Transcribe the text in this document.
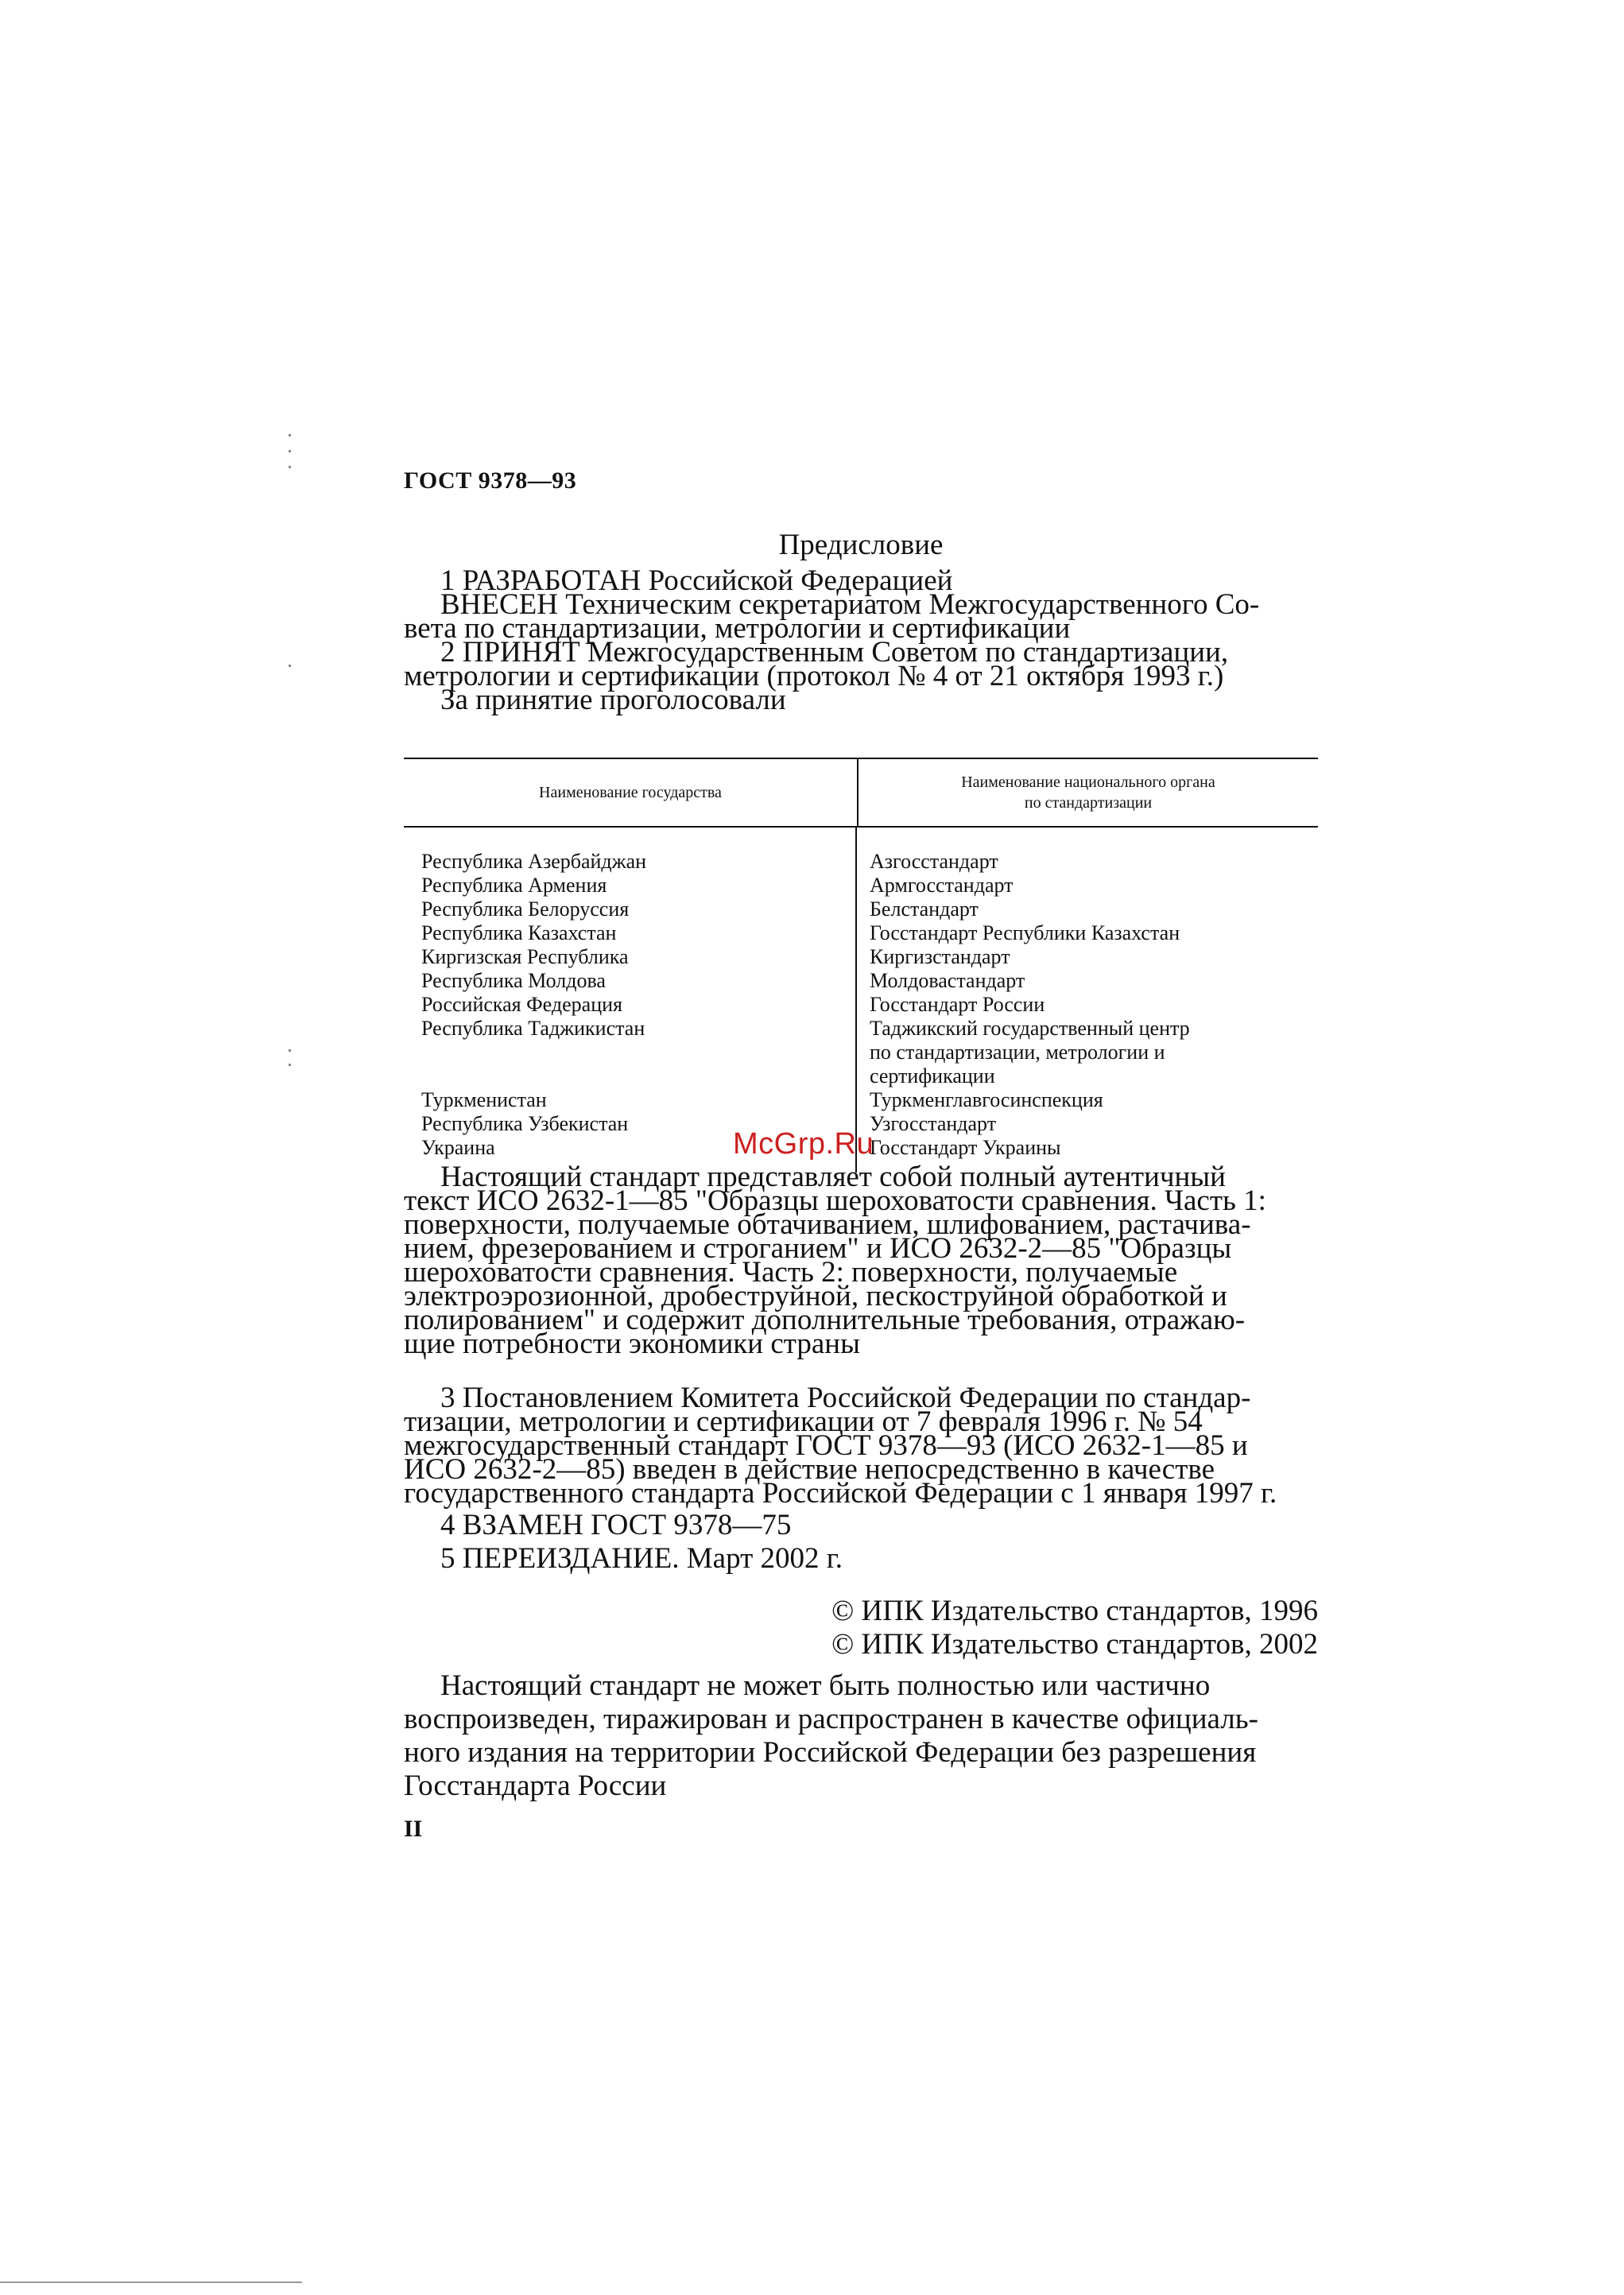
ГОСТ 9378—93
Предисловие
1 РАЗРАБОТАН Российской Федерацией
ВНЕСЕН Техническим секретариатом Межгосударственного Со-
вета по стандартизации, метрологии и сертификации
2 ПРИНЯТ Межгосударственным Советом по стандартизации,
метрологии и сертификации (протокол № 4 от 21 октября 1993 г.)
За принятие проголосовали
Наименование государства
Наименование национального органа
по стандартизации
Республика Азербайджан
Республика Армения
Республика Белоруссия
Республика Казахстан
Киргизская Республика
Республика Молдова
Российская Федерация
Республика Таджикистан
Туркменистан
Республика Узбекистан
Украина
Азгосстандарт
Армгосстандарт
Белстандарт
Госстандарт Республики Казахстан
Киргизстандарт
Молдовастандарт
Госстандарт России
Таджикский государственный центр
по стандартизации, метрологии и
сертификации
Туркменглавгосинспекция
Узгосстандарт
Госстандарт Украины
McGrp.Ru
Настоящий стандарт представляет собой полный аутентичный
текст ИСО 2632-1—85 "Образцы шероховатости сравнения. Часть 1:
поверхности, получаемые обтачиванием, шлифованием, растачива-
нием, фрезерованием и строганием" и ИСО 2632-2—85 "Образцы
шероховатости сравнения. Часть 2: поверхности, получаемые
электроэрозионной, дробеструйной, пескоструйной обработкой и
полированием" и содержит дополнительные требования, отражаю-
щие потребности экономики страны
3 Постановлением Комитета Российской Федерации по стандар-
тизации, метрологии и сертификации от 7 февраля 1996 г. № 54
межгосударственный стандарт ГОСТ 9378—93 (ИСО 2632-1—85 и
ИСО 2632-2—85) введен в действие непосредственно в качестве
государственного стандарта Российской Федерации с 1 января 1997 г.
4 ВЗАМЕН ГОСТ 9378—75
5 ПЕРЕИЗДАНИЕ. Март 2002 г.
© ИПК Издательство стандартов, 1996
© ИПК Издательство стандартов, 2002
Настоящий стандарт не может быть полностью или частично
воспроизведен, тиражирован и распространен в качестве официаль-
ного издания на территории Российской Федерации без разрешения
Госстандарта России
II
